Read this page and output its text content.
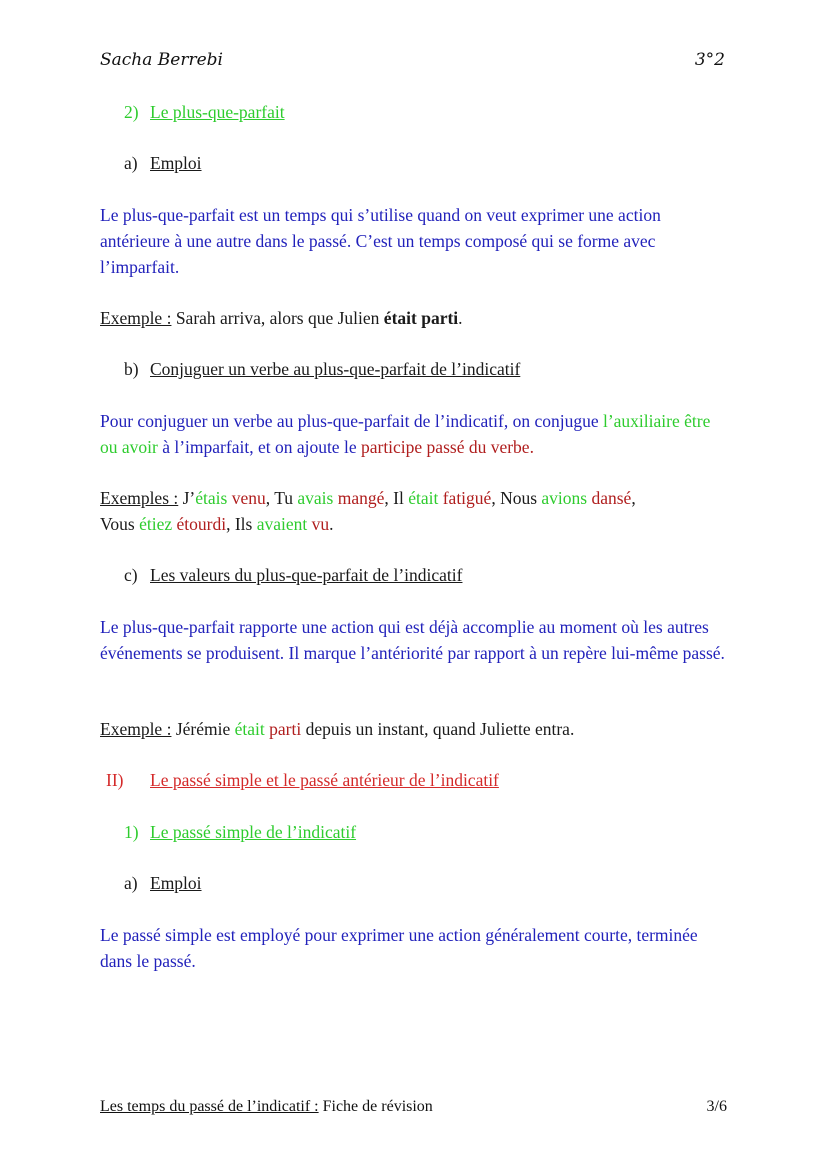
Sacha Berrebi	3°2
2) Le plus-que-parfait
a) Emploi
Le plus-que-parfait est un temps qui s’utilise quand on veut exprimer une action antérieure à une autre dans le passé. C’est un temps composé qui se forme avec l’imparfait.
Exemple : Sarah arriva, alors que Julien était parti.
b) Conjuguer un verbe au plus-que-parfait de l’indicatif
Pour conjuguer un verbe au plus-que-parfait de l’indicatif, on conjugue l’auxiliaire être ou avoir à l’imparfait, et on ajoute le participe passé du verbe.
Exemples : J’étais venu, Tu avais mangé, Il était fatigué, Nous avions dansé,
Vous étiez étourdi, Ils avaient vu.
c) Les valeurs du plus-que-parfait de l’indicatif
Le plus-que-parfait rapporte une action qui est déjà accomplie au moment où les autres événements se produisent. Il marque l’antériorité par rapport à un repère lui-même passé.
Exemple : Jérémie était parti depuis un instant, quand Juliette entra.
II) Le passé simple et le passé antérieur de l’indicatif
1) Le passé simple de l’indicatif
a) Emploi
Le passé simple est employé pour exprimer une action généralement courte, terminée dans le passé.
Les temps du passé de l’indicatif : Fiche de révision	3/6
